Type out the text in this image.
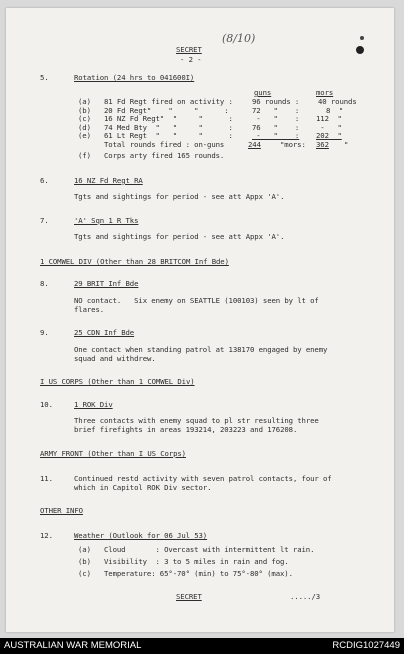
(8/10)
SECRET
- 2 -
5.	Rotation (24 hrs to 041600I)
guns	mors
(a) 81 Fd Regt fired on activity :	96 rounds :	40 rounds
(b) 20 Fd Regt"    "     "      :	72   "    :	8  "
(c) 16 NZ Fd Regt"  "     "      :	-   "    : 112  "
(d) 74 Med Bty  "   "     "      :	76   "    : -   "
(e) 61 Lt Regt  "   "     "      :	-   "    : 202  "
Total rounds fired : on-guns	244	"mors: 362 "
(f) Corps arty fired 165 rounds.
6.	16 NZ Fd Regt RA
Tgts and sightings for period - see att Appx 'A'.
7.	'A' Sqn 1 R Tks
Tgts and sightings for period - see att Appx 'A'.
1 COMWEL DIV (Other than 28 BRITCOM Inf Bde)
8.	29 BRIT Inf Bde
NO contact.   Six enemy on SEATTLE (100103) seen by lt of
flares.
9.	25 CDN Inf Bde
One contact when standing patrol at 138170 engaged by enemy
squad and withdrew.
I US CORPS (Other than 1 COMWEL Div)
10.	1 ROK Div
Three contacts with enemy squad to pl str resulting three
brief firefights in areas 193214, 203223 and 176208.
ARMY FRONT (Other than I US Corps)
11.	Continued restd activity with seven patrol contacts, four of
which in Capitol ROK Div sector.
OTHER INFO
12.	Weather (Outlook for 06 Jul 53)
(a) Cloud       : Overcast with intermittent lt rain.
(b) Visibility  : 3 to 5 miles in rain and fog.
(c) Temperature: 65°-70° (min) to 75°-80° (max).
SECRET	...../3
AUSTRALIAN WAR MEMORIAL	RCDIG1027449
